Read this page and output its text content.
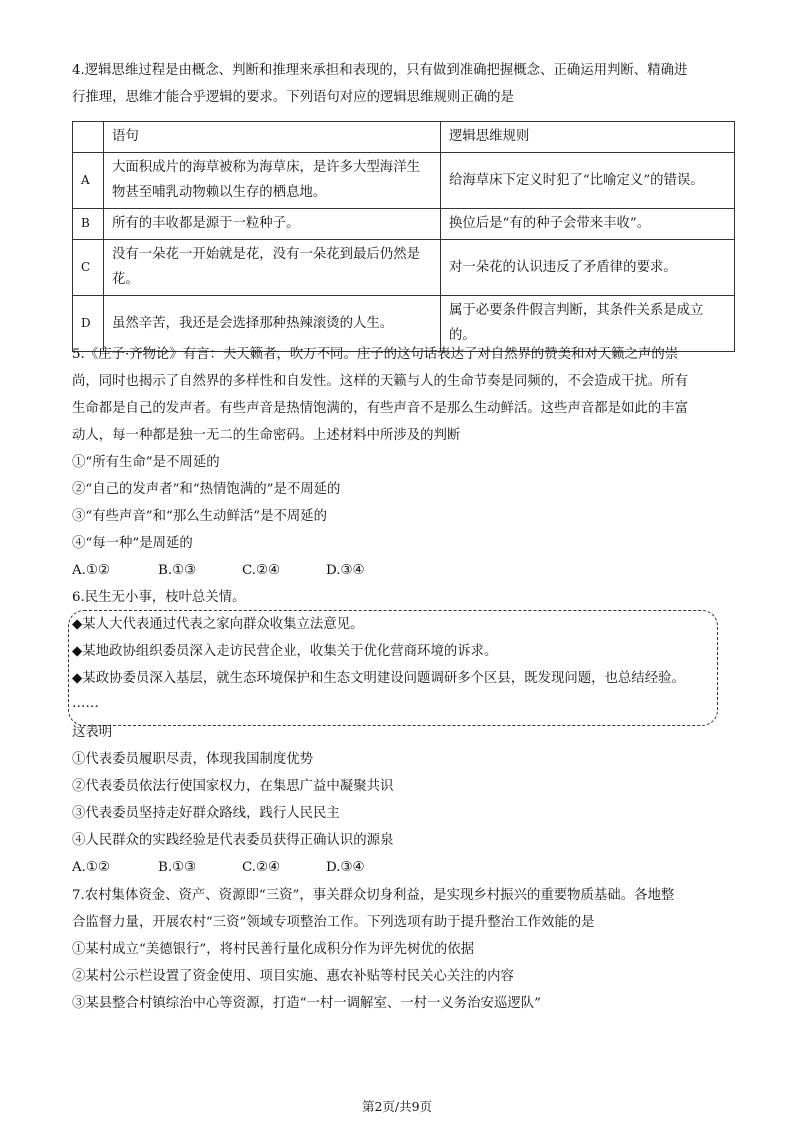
4.逻辑思维过程是由概念、判断和推理来承担和表现的，只有做到准确把握概念、正确运用判断、精确进
行推理，思维才能合乎逻辑的要求。下列语句对应的逻辑思维规则正确的是
	语句	逻辑思维规则
A	大面积成片的海草被称为海草床，是许多大型海洋生物甚至哺乳动物赖以生存的栖息地。	给海草床下定义时犯了“比喻定义”的错误。
B	所有的丰收都是源于一粒种子。	换位后是“有的种子会带来丰收”。
C	没有一朵花一开始就是花，没有一朵花到最后仍然是花。	对一朵花的认识违反了矛盾律的要求。
D	虽然辛苦，我还是会选择那种热辣滚烫的人生。	属于必要条件假言判断，其条件关系是成立的。
5.《庄子·齐物论》有言：夫天籁者，吹万不同。庄子的这句话表达了对自然界的赞美和对天籁之声的崇
尚，同时也揭示了自然界的多样性和自发性。这样的天籁与人的生命节奏是同频的，不会造成干扰。所有
生命都是自己的发声者。有些声音是热情饱满的，有些声音不是那么生动鲜活。这些声音都是如此的丰富
动人，每一种都是独一无二的生命密码。上述材料中所涉及的判断
①“所有生命”是不周延的
②“自己的发声者”和“热情饱满的”是不周延的
③“有些声音”和“那么生动鲜活”是不周延的
④“每一种”是周延的
A.①②	B.①③	C.②④	D.③④
6.民生无小事，枝叶总关情。
◆某人大代表通过代表之家向群众收集立法意见。
◆某地政协组织委员深入走访民营企业，收集关于优化营商环境的诉求。
◆某政协委员深入基层，就生态环境保护和生态文明建设问题调研多个区县，既发现问题，也总结经验。
……
这表明
①代表委员履职尽责，体现我国制度优势
②代表委员依法行使国家权力，在集思广益中凝聚共识
③代表委员坚持走好群众路线，践行人民民主
④人民群众的实践经验是代表委员获得正确认识的源泉
A.①②	B.①③	C.②④	D.③④
7.农村集体资金、资产、资源即“三资”，事关群众切身利益，是实现乡村振兴的重要物质基础。各地整
合监督力量，开展农村“三资”领域专项整治工作。下列选项有助于提升整治工作效能的是
①某村成立“美德银行”，将村民善行量化成积分作为评先树优的依据
②某村公示栏设置了资金使用、项目实施、惠农补贴等村民关心关注的内容
③某县整合村镇综治中心等资源，打造“一村一调解室、一村一义务治安巡逻队”
第2页/共9页
